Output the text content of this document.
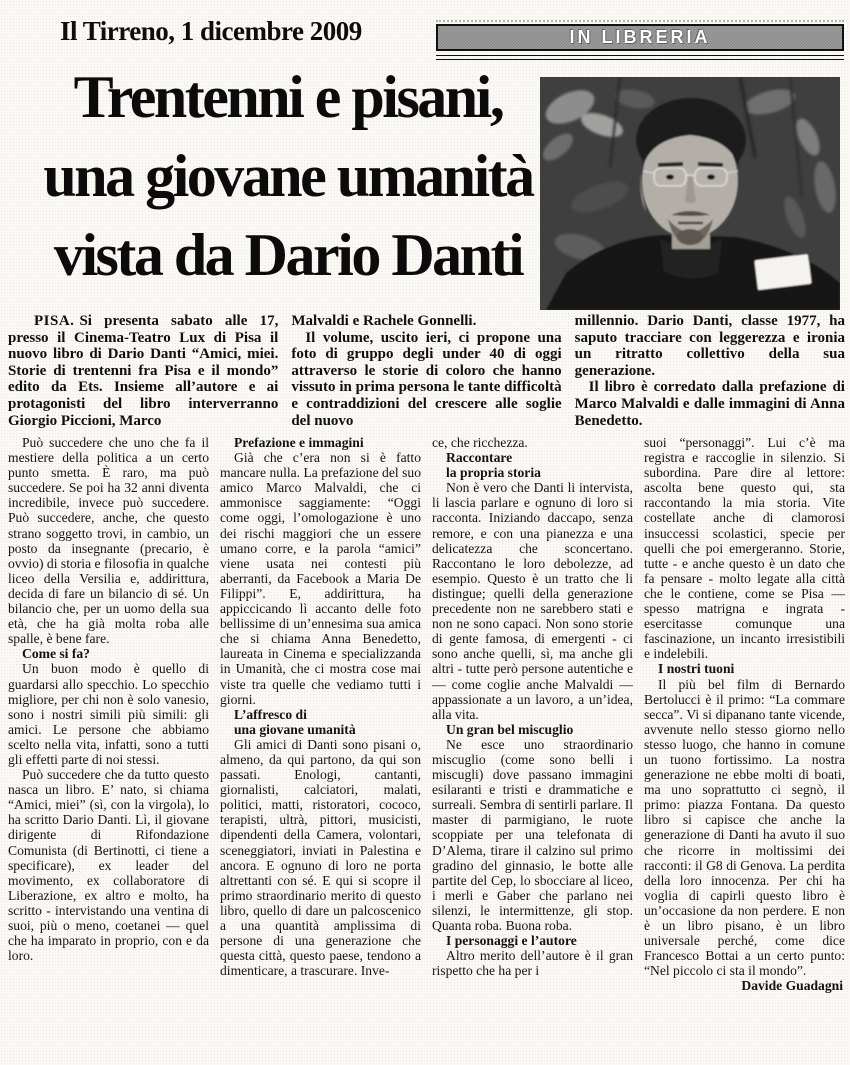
Il Tirreno, 1 dicembre 2009	IN LIBRERIA
Trentenni e pisani,
una giovane umanità
vista da Dario Danti

PISA. Si presenta sabato alle 17, presso il Cinema-Teatro Lux di Pisa il nuovo libro di Dario Danti “Amici, miei. Storie di trentenni fra Pisa e il mondo” edito da Ets. Insieme all’autore e ai protagonisti del libro interverranno Giorgio Piccioni, Marco

Malvaldi e Rachele Gonnelli.

Il volume, uscito ieri, ci propone una foto di gruppo degli under 40 di oggi attraverso le storie di coloro che hanno vissuto in prima persona le tante difficoltà e contraddizioni del crescere alle soglie del nuovo

millennio. Dario Danti, classe 1977, ha saputo tracciare con leggerezza e ironia un ritratto collettivo della sua generazione.

Il libro è corredato dalla prefazione di Marco Malvaldi e dalle immagini di Anna Benedetto.

Può succedere che uno che fa il mestiere della politica a un certo punto smetta. È raro, ma può succedere. Se poi ha 32 anni diventa incredibile, invece può succedere. Può succedere, anche, che questo strano soggetto trovi, in cambio, un posto da insegnante (precario, è ovvio) di storia e filosofia in qualche liceo della Versilia e, addirittura, decida di fare un bilancio di sé. Un bilancio che, per un uomo della sua età, che ha già molta roba alle spalle, è bene fare.

Come si fa?

Un buon modo è quello di guardarsi allo specchio. Lo specchio migliore, per chi non è solo vanesio, sono i nostri simili più simili: gli amici. Le persone che abbiamo scelto nella vita, infatti, sono a tutti gli effetti parte di noi stessi.

Può succedere che da tutto questo nasca un libro. E’ nato, si chiama “Amici, miei” (sì, con la virgola), lo ha scritto Dario Danti. Lì, il giovane dirigente di Rifondazione Comunista (di Bertinotti, ci tiene a specificare), ex leader del movimento, ex collaboratore di Liberazione, ex altro e molto, ha scritto - intervistando una ventina di suoi, più o meno, coetanei — quel che ha imparato in proprio, con e da loro.

Prefazione e immagini

Già che c’era non si è fatto mancare nulla. La prefazione del suo amico Marco Malvaldi, che ci ammonisce saggiamente: “Oggi come oggi, l’omologazione è uno dei rischi maggiori che un essere umano corre, e la parola “amici” viene usata nei contesti più aberranti, da Facebook a Maria De Filippi”. E, addirittura, ha appiccicando lì accanto delle foto bellissime di un’ennesima sua amica che si chiama Anna Benedetto, laureata in Cinema e specializzanda in Umanità, che ci mostra cose mai viste tra quelle che vediamo tutti i giorni.

L’affresco di
una giovane umanità

Gli amici di Danti sono pisani o, almeno, da qui partono, da qui son passati. Enologi, cantanti, giornalisti, calciatori, malati, politici, matti, ristoratori, cococo, terapisti, ultrà, pittori, musicisti, dipendenti della Camera, volontari, sceneggiatori, inviati in Palestina e ancora. E ognuno di loro ne porta altrettanti con sé. E qui si scopre il primo straordinario merito di questo libro, quello di dare un palcoscenico a una quantità amplissima di persone di una generazione che questa città, questo paese, tendono a dimenticare, a trascurare. Inve-

ce, che ricchezza.

Raccontare
la propria storia

Non è vero che Danti li intervista, li lascia parlare e ognuno di loro si racconta. Iniziando daccapo, senza remore, e con una pianezza e una delicatezza che sconcertano. Raccontano le loro debolezze, ad esempio. Questo è un tratto che li distingue; quelli della generazione precedente non ne sarebbero stati e non ne sono capaci. Non sono storie di gente famosa, di emergenti - ci sono anche quelli, sì, ma anche gli altri - tutte però persone autentiche e — come coglie anche Malvaldi — appassionate a un lavoro, a un’idea, alla vita.

Un gran bel miscuglio

Ne esce uno straordinario miscuglio (come sono belli i miscugli) dove passano immagini esilaranti e tristi e drammatiche e surreali. Sembra di sentirli parlare. Il master di parmigiano, le ruote scoppiate per una telefonata di D’Alema, tirare il calzino sul primo gradino del ginnasio, le botte alle partite del Cep, lo sbocciare al liceo, i merli e Gaber che parlano nei silenzi, le intermittenze, gli stop. Quanta roba. Buona roba.

I personaggi e l’autore

Altro merito dell’autore è il gran rispetto che ha per i

suoi “personaggi”. Lui c’è ma registra e raccoglie in silenzio. Si subordina. Pare dire al lettore: ascolta bene questo qui, sta raccontando la mia storia. Vite costellate anche di clamorosi insuccessi scolastici, specie per quelli che poi emergeranno. Storie, tutte - e anche questo è un dato che fa pensare - molto legate alla città che le contiene, come se Pisa — spesso matrigna e ingrata - esercitasse comunque una fascinazione, un incanto irresistibili e indelebili.

I nostri tuoni

Il più bel film di Bernardo Bertolucci è il primo: “La commare secca”. Vi si dipanano tante vicende, avvenute nello stesso giorno nello stesso luogo, che hanno in comune un tuono fortissimo. La nostra generazione ne ebbe molti di boati, ma uno soprattutto ci segnò, il primo: piazza Fontana. Da questo libro si capisce che anche la generazione di Danti ha avuto il suo che ricorre in moltissimi dei racconti: il G8 di Genova. La perdita della loro innocenza. Per chi ha voglia di capirli questo libro è un’occasione da non perdere. E non è un libro pisano, è un libro universale perché, come dice Francesco Bottai a un certo punto: “Nel piccolo ci sta il mondo”.

Davide Guadagni
